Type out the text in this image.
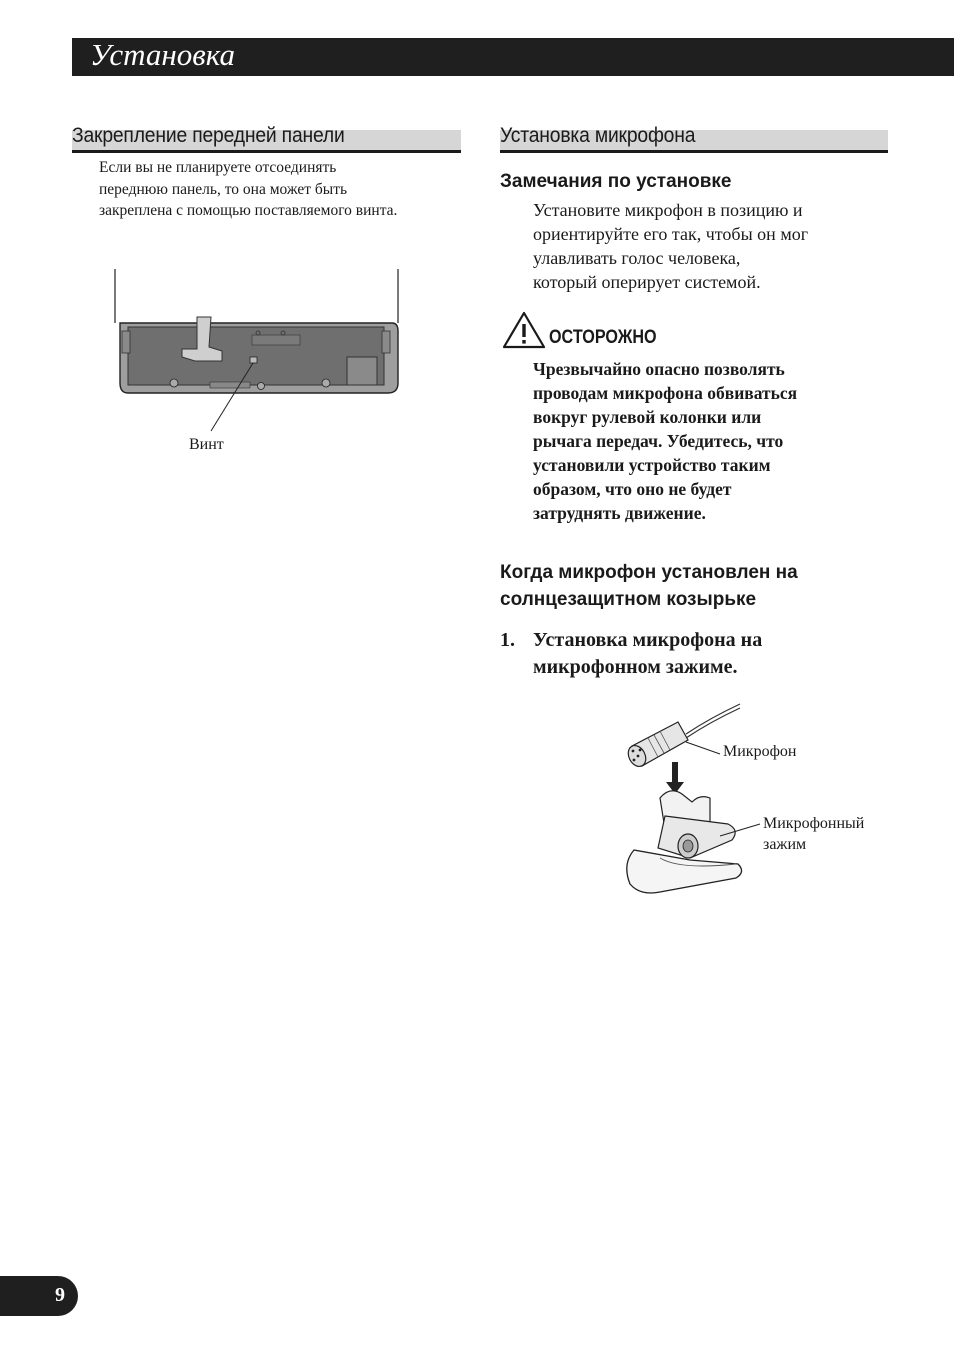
Установка
Закрепление передней панели
Если вы не планируете отсоединять
переднюю панель, то она может быть
закреплена с помощью поставляемого винта.
Винт
Установка микрофона
Замечания по установке
Установите микрофон в позицию и
ориентируйте его так, чтобы он мог
улавливать голос человека,
который оперирует системой.
ОСТОРОЖНО
Чрезвычайно опасно позволять
проводам микрофона обвиваться
вокруг рулевой колонки или
рычага передач. Убедитесь, что
установили устройство таким
образом, что оно не будет
затруднять движение.
Когда микрофон установлен на
солнцезащитном козырьке
1. Установка микрофона на
микрофонном зажиме.
Микрофон
Микрофонный
зажим
9
